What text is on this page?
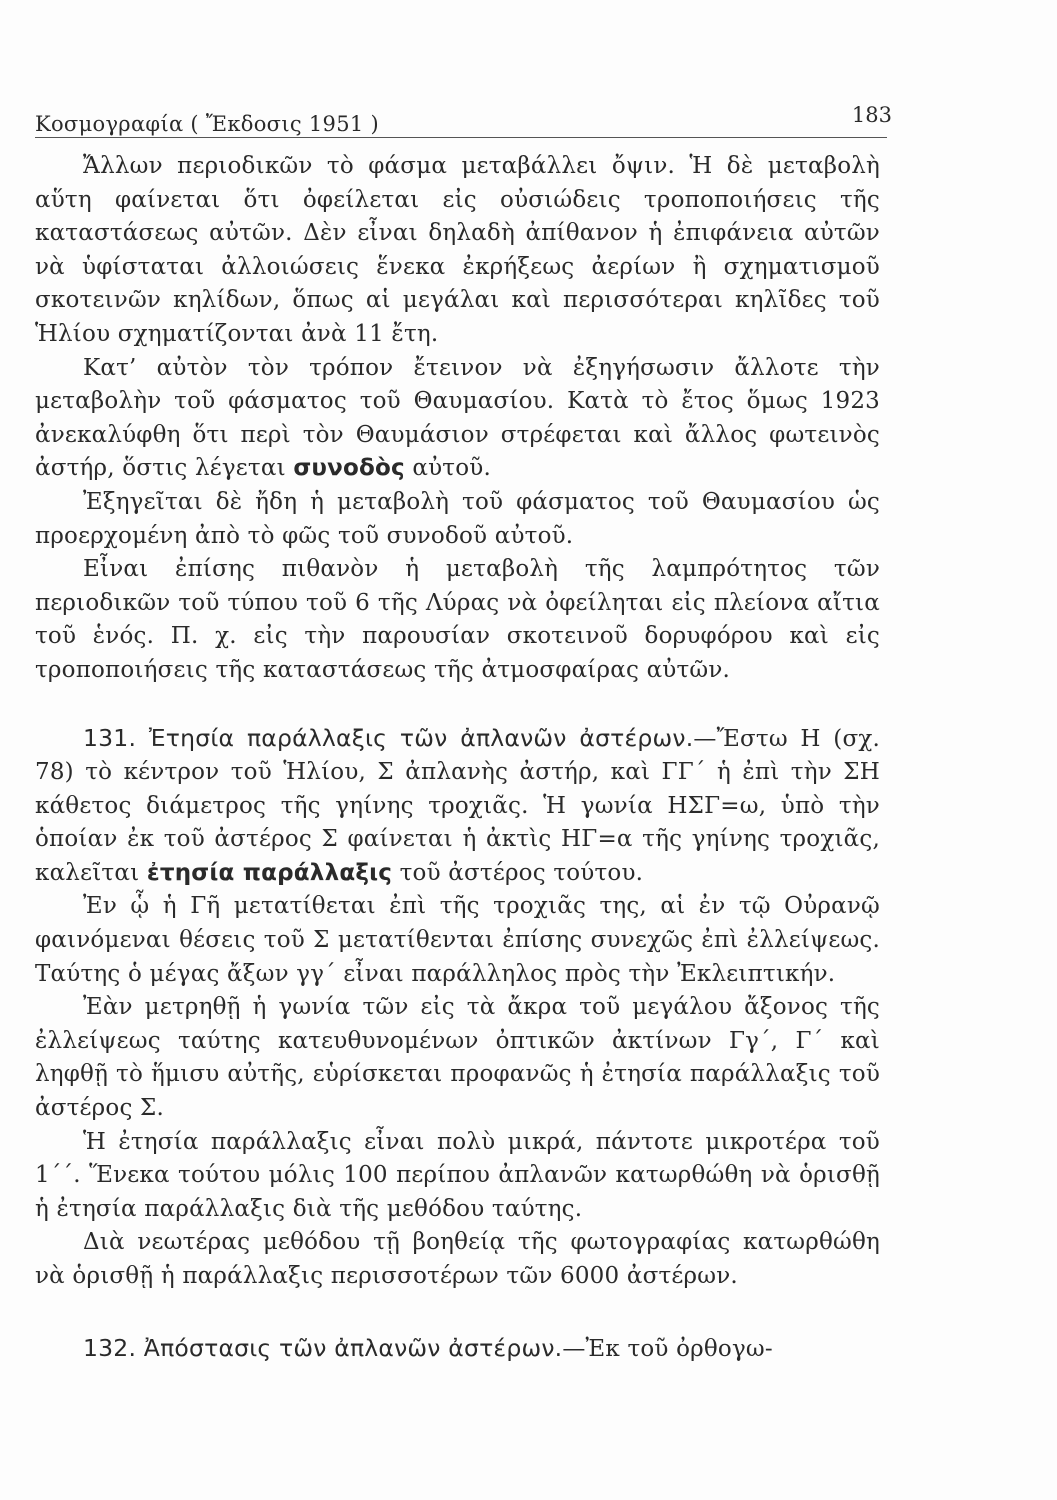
Κοσμογραφία ( Ἔκδοσις 1951 )	183

Ἄλλων περιοδικῶν τὸ φάσμα μεταβάλλει ὄψιν. Ἡ δὲ μεταβολὴ αὕτη φαίνεται ὅτι ὀφείλεται εἰς οὐσιώδεις τροποποιήσεις τῆς καταστάσεως αὐτῶν. Δὲν εἶναι δηλαδὴ ἀπίθανον ἡ ἐπιφάνεια αὐτῶν νὰ ὑφίσταται ἀλλοιώσεις ἕνεκα ἐκρήξεως ἀερίων ἢ σχηματισμοῦ σκοτεινῶν κηλίδων, ὅπως αἱ μεγάλαι καὶ περισσότεραι κηλῖδες τοῦ Ἡλίου σχηματίζονται ἀνὰ 11 ἔτη.

Κατ’ αὐτὸν τὸν τρόπον ἔτεινον νὰ ἐξηγήσωσιν ἄλλοτε τὴν μεταβολὴν τοῦ φάσματος τοῦ Θαυμασίου. Κατὰ τὸ ἔτος ὅμως 1923 ἀνεκαλύφθη ὅτι περὶ τὸν Θαυμάσιον στρέφεται καὶ ἄλλος φωτεινὸς ἀστήρ, ὅστις λέγεται συνοδὸς αὐτοῦ.

Ἐξηγεῖται δὲ ἤδη ἡ μεταβολὴ τοῦ φάσματος τοῦ Θαυμασίου ὡς προερχομένη ἀπὸ τὸ φῶς τοῦ συνοδοῦ αὐτοῦ.

Εἶναι ἐπίσης πιθανὸν ἡ μεταβολὴ τῆς λαμπρότητος τῶν περιοδικῶν τοῦ τύπου τοῦ 6 τῆς Λύρας νὰ ὀφείληται εἰς πλείονα αἴτια τοῦ ἑνός. Π. χ. εἰς τὴν παρουσίαν σκοτεινοῦ δορυφόρου καὶ εἰς τροποποιήσεις τῆς καταστάσεως τῆς ἀτμοσφαίρας αὐτῶν.

131. Ἐτησία παράλλαξις τῶν ἀπλανῶν ἀστέρων.—Ἔστω Η (σχ. 78) τὸ κέντρον τοῦ Ἡλίου, Σ ἀπλανὴς ἀστήρ, καὶ ΓΓ΄ ἡ ἐπὶ τὴν ΣΗ κάθετος διάμετρος τῆς γηίνης τροχιᾶς. Ἡ γωνία ΗΣΓ=ω, ὑπὸ τὴν ὁποίαν ἐκ τοῦ ἀστέρος Σ φαίνεται ἡ ἀκτὶς ΗΓ=α τῆς γηίνης τροχιᾶς, καλεῖται ἐτησία παράλλαξις τοῦ ἀστέρος τούτου.

Ἐν ᾧ ἡ Γῆ μετατίθεται ἐπὶ τῆς τροχιᾶς της, αἱ ἐν τῷ Οὐρανῷ φαινόμεναι θέσεις τοῦ Σ μετατίθενται ἐπίσης συνεχῶς ἐπὶ ἐλλείψεως. Ταύτης ὁ μέγας ἄξων γγ΄ εἶναι παράλληλος πρὸς τὴν Ἐκλειπτικήν.

Ἐὰν μετρηθῇ ἡ γωνία τῶν εἰς τὰ ἄκρα τοῦ μεγάλου ἄξονος τῆς ἐλλείψεως ταύτης κατευθυνομένων ὀπτικῶν ἀκτίνων Γγ΄, Γ΄ καὶ ληφθῇ τὸ ἥμισυ αὐτῆς, εὑρίσκεται προφανῶς ἡ ἐτησία παράλλαξις τοῦ ἀστέρος Σ.

Ἡ ἐτησία παράλλαξις εἶναι πολὺ μικρά, πάντοτε μικροτέρα τοῦ 1΄΄. Ἕνεκα τούτου μόλις 100 περίπου ἀπλανῶν κατωρθώθη νὰ ὁρισθῇ ἡ ἐτησία παράλλαξις διὰ τῆς μεθόδου ταύτης.

Διὰ νεωτέρας μεθόδου τῇ βοηθείᾳ τῆς φωτογραφίας κατωρθώθη νὰ ὁρισθῇ ἡ παράλλαξις περισσοτέρων τῶν 6000 ἀστέρων.

132. Ἀπόστασις τῶν ἀπλανῶν ἀστέρων.—Ἐκ τοῦ ὀρθογω-
